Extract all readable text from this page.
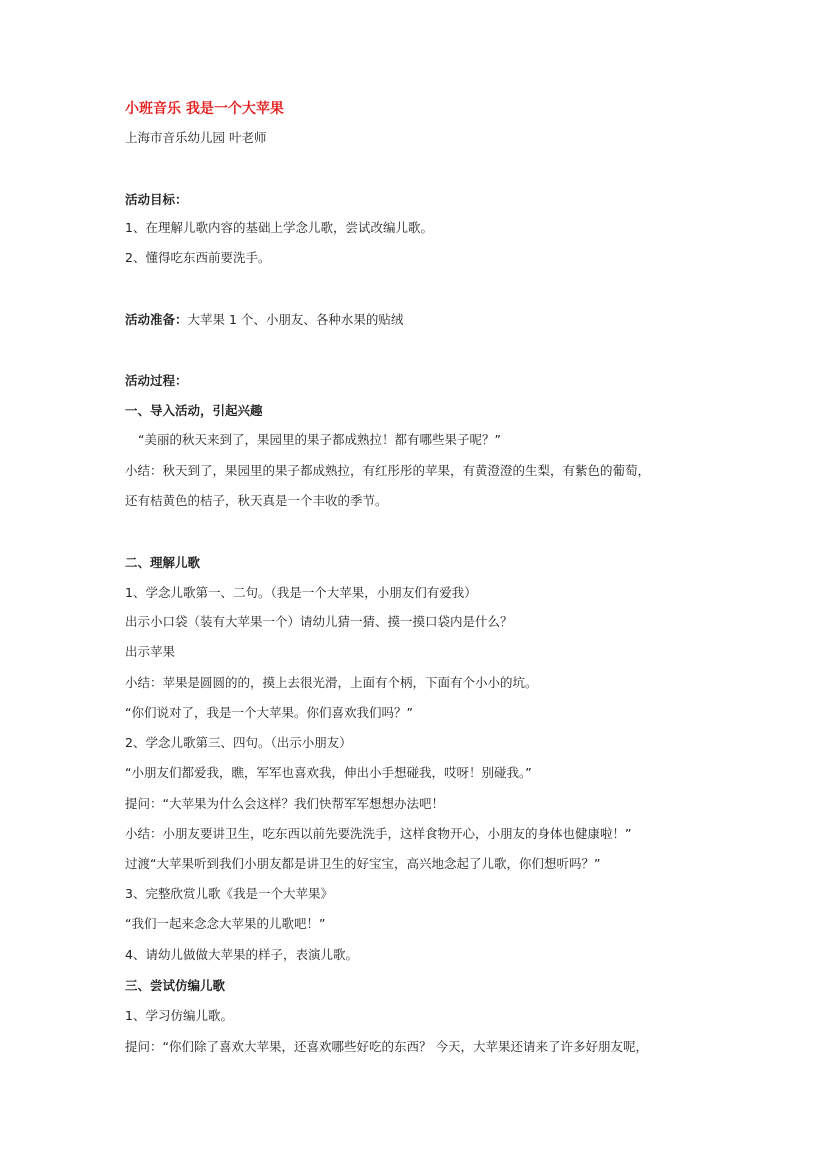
小班音乐 我是一个大苹果
上海市音乐幼儿园 叶老师
活动目标：
1、在理解儿歌内容的基础上学念儿歌，尝试改编儿歌。
2、懂得吃东西前要洗手。
活动准备：大苹果 1 个、小朋友、各种水果的贴绒
活动过程：
一、导入活动，引起兴趣
“美丽的秋天来到了，果园里的果子都成熟拉！都有哪些果子呢？”
小结：秋天到了，果园里的果子都成熟拉，有红彤彤的苹果，有黄澄澄的生梨，有紫色的葡萄，
还有桔黄色的桔子，秋天真是一个丰收的季节。
二、理解儿歌
1、学念儿歌第一、二句。（我是一个大苹果，小朋友们有爱我）
出示小口袋（装有大苹果一个）请幼儿猜一猜、摸一摸口袋内是什么？
出示苹果
小结：苹果是圆圆的的，摸上去很光滑，上面有个柄，下面有个小小的坑。
“你们说对了，我是一个大苹果。你们喜欢我们吗？”
2、学念儿歌第三、四句。（出示小朋友）
“小朋友们都爱我，瞧，军军也喜欢我，伸出小手想碰我，哎呀！别碰我。”
提问：“大苹果为什么会这样？我们快帮军军想想办法吧！
小结：小朋友要讲卫生，吃东西以前先要洗洗手，这样食物开心，小朋友的身体也健康啦！”
过渡“大苹果听到我们小朋友都是讲卫生的好宝宝，高兴地念起了儿歌，你们想听吗？”
3、完整欣赏儿歌《我是一个大苹果》
“我们一起来念念大苹果的儿歌吧！”
4、请幼儿做做大苹果的样子，表演儿歌。
三、尝试仿编儿歌
1、学习仿编儿歌。
提问：“你们除了喜欢大苹果，还喜欢哪些好吃的东西？ 今天，大苹果还请来了许多好朋友呢，
